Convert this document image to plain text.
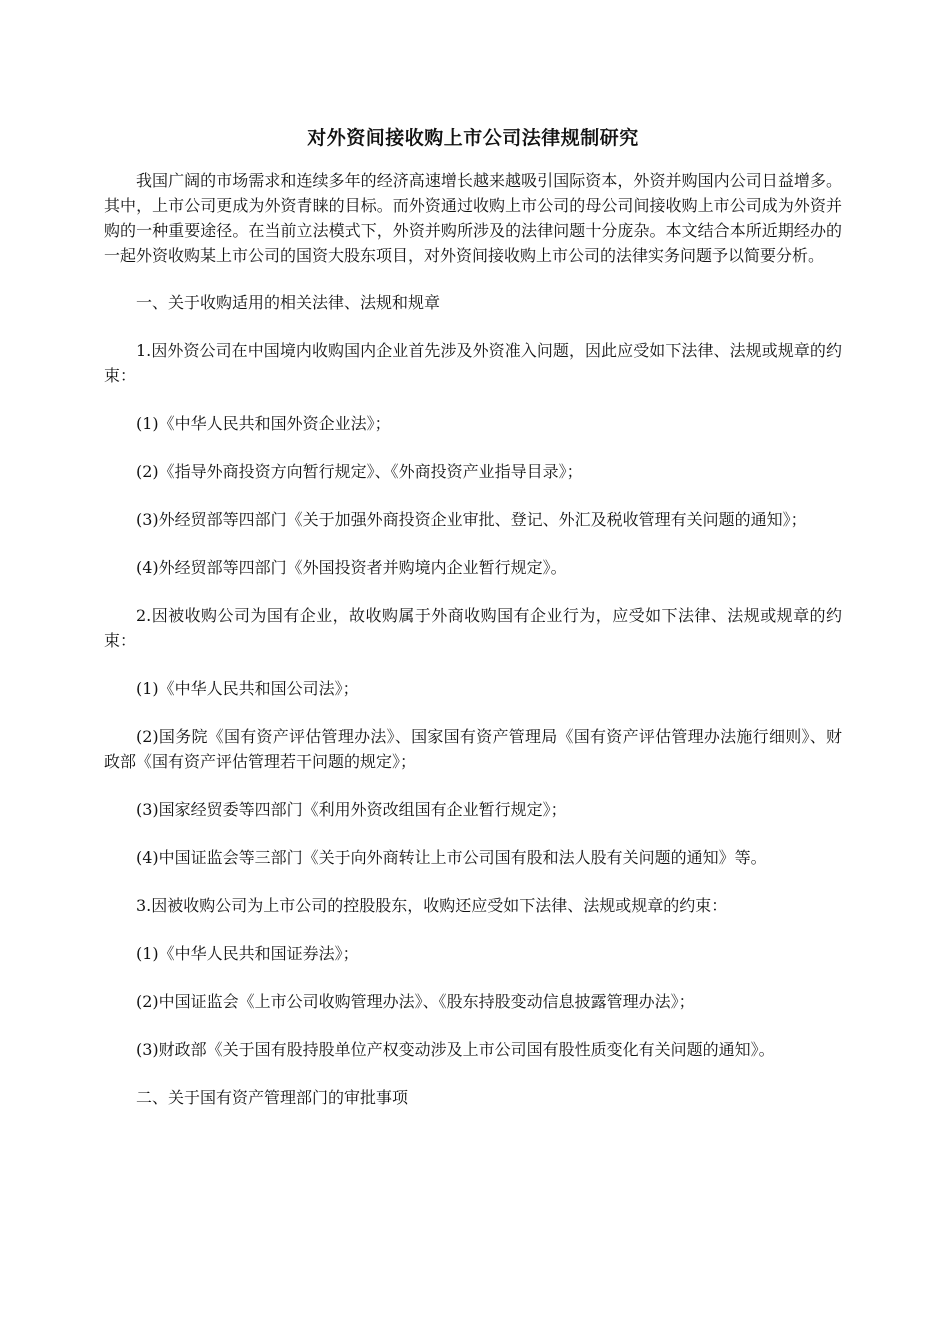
对外资间接收购上市公司法律规制研究

我国广阔的市场需求和连续多年的经济高速增长越来越吸引国际资本，外资并购国内公司日益增多。其中，上市公司更成为外资青睐的目标。而外资通过收购上市公司的母公司间接收购上市公司成为外资并购的一种重要途径。在当前立法模式下，外资并购所涉及的法律问题十分庞杂。本文结合本所近期经办的一起外资收购某上市公司的国资大股东项目，对外资间接收购上市公司的法律实务问题予以简要分析。

一、关于收购适用的相关法律、法规和规章

1.因外资公司在中国境内收购国内企业首先涉及外资准入问题，因此应受如下法律、法规或规章的约束：

(1)《中华人民共和国外资企业法》；

(2)《指导外商投资方向暂行规定》、《外商投资产业指导目录》；

(3)外经贸部等四部门《关于加强外商投资企业审批、登记、外汇及税收管理有关问题的通知》；

(4)外经贸部等四部门《外国投资者并购境内企业暂行规定》。

2.因被收购公司为国有企业，故收购属于外商收购国有企业行为，应受如下法律、法规或规章的约束：

(1)《中华人民共和国公司法》；

(2)国务院《国有资产评估管理办法》、国家国有资产管理局《国有资产评估管理办法施行细则》、财政部《国有资产评估管理若干问题的规定》；

(3)国家经贸委等四部门《利用外资改组国有企业暂行规定》；

(4)中国证监会等三部门《关于向外商转让上市公司国有股和法人股有关问题的通知》等。

3.因被收购公司为上市公司的控股股东，收购还应受如下法律、法规或规章的约束：

(1)《中华人民共和国证券法》；

(2)中国证监会《上市公司收购管理办法》、《股东持股变动信息披露管理办法》；

(3)财政部《关于国有股持股单位产权变动涉及上市公司国有股性质变化有关问题的通知》。

二、关于国有资产管理部门的审批事项
